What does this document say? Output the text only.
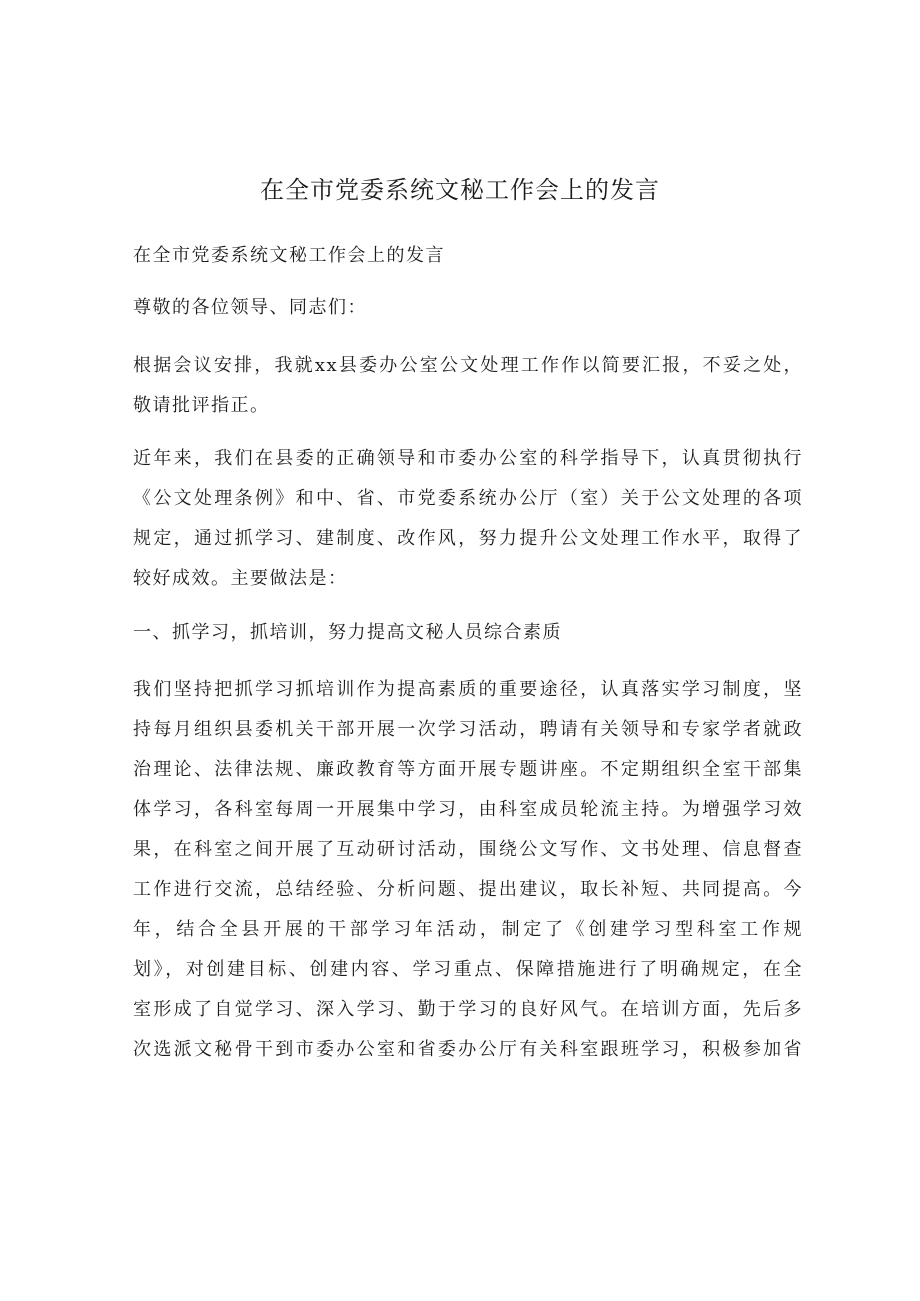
在全市党委系统文秘工作会上的发言

在全市党委系统文秘工作会上的发言

尊敬的各位领导、同志们：

根据会议安排，我就xx县委办公室公文处理工作作以简要汇报，不妥之处，
敬请批评指正。

近年来，我们在县委的正确领导和市委办公室的科学指导下，认真贯彻执行
《公文处理条例》和中、省、市党委系统办公厅（室）关于公文处理的各项
规定，通过抓学习、建制度、改作风，努力提升公文处理工作水平，取得了
较好成效。主要做法是：

一、抓学习，抓培训，努力提高文秘人员综合素质

我们坚持把抓学习抓培训作为提高素质的重要途径，认真落实学习制度，坚
持每月组织县委机关干部开展一次学习活动，聘请有关领导和专家学者就政
治理论、法律法规、廉政教育等方面开展专题讲座。不定期组织全室干部集
体学习，各科室每周一开展集中学习，由科室成员轮流主持。为增强学习效
果，在科室之间开展了互动研讨活动，围绕公文写作、文书处理、信息督查
工作进行交流，总结经验、分析问题、提出建议，取长补短、共同提高。今
年，结合全县开展的干部学习年活动，制定了《创建学习型科室工作规
划》，对创建目标、创建内容、学习重点、保障措施进行了明确规定，在全
室形成了自觉学习、深入学习、勤于学习的良好风气。在培训方面，先后多
次选派文秘骨干到市委办公室和省委办公厅有关科室跟班学习，积极参加省
